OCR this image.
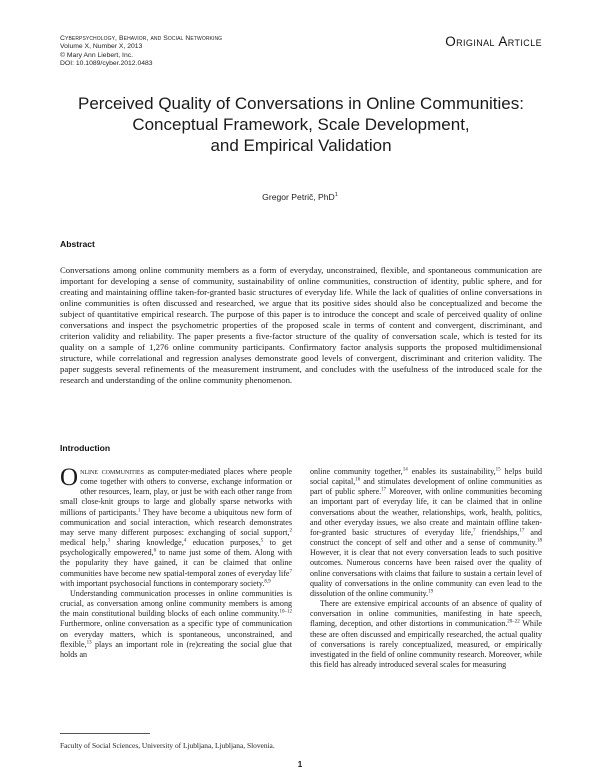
Cyberpsychology, Behavior, and Social Networking
Volume X, Number X, 2013
© Mary Ann Liebert, Inc.
DOI: 10.1089/cyber.2012.0483
Original Article
Perceived Quality of Conversations in Online Communities:
Conceptual Framework, Scale Development,
and Empirical Validation
Gregor Petrič, PhD$^1$
Abstract
Conversations among online community members as a form of everyday, unconstrained, flexible, and spontaneous communication are important for developing a sense of community, sustainability of online communities, construction of identity, public sphere, and for creating and maintaining offline taken-for-granted basic structures of everyday life. While the lack of qualities of online conversations in online communities is often discussed and researched, we argue that its positive sides should also be conceptualized and become the subject of quantitative empirical research. The purpose of this paper is to introduce the concept and scale of perceived quality of online conversations and inspect the psychometric properties of the proposed scale in terms of content and convergent, discriminant, and criterion validity and reliability. The paper presents a five-factor structure of the quality of conversation scale, which is tested for its quality on a sample of 1,276 online community participants. Confirmatory factor analysis supports the proposed multidimensional structure, while correlational and regression analyses demonstrate good levels of convergent, discriminant and criterion validity. The paper suggests several refinements of the measurement instrument, and concludes with the usefulness of the introduced scale for the research and understanding of the online community phenomenon.
Introduction

Online communities as computer-mediated places where people come together with others to converse, exchange information or other resources, learn, play, or just be with each other range from small close-knit groups to large and globally sparse networks with millions of participants.$^1$ They have become a ubiquitous new form of communication and social interaction, which research demonstrates may serve many different purposes: exchanging of social support,$^2$ medical help,$^3$ sharing knowledge,$^4$ education purposes,$^5$ to get psychologically empowered,$^6$ to name just some of them. Along with the popularity they have gained, it can be claimed that online communities have become new spatial-temporal zones of everyday life$^7$ with important psychosocial functions in contemporary society.$^{8,9}$

Understanding communication processes in online communities is crucial, as conversation among online community members is among the main constitutional building blocks of each online community.$^{10-12}$ Furthermore, online conversation as a specific type of communication on everyday matters, which is spontaneous, unconstrained, and flexible,$^{13}$ plays an important role in (re)creating the social glue that holds an

online community together,$^{14}$ enables its sustainability,$^{15}$ helps build social capital,$^{16}$ and stimulates development of online communities as part of public sphere.$^{17}$ Moreover, with online communities becoming an important part of everyday life, it can be claimed that in online conversations about the weather, relationships, work, health, politics, and other everyday issues, we also create and maintain offline taken-for-granted basic structures of everyday life,$^7$ friendships,$^{17}$ and construct the concept of self and other and a sense of community.$^{18}$ However, it is clear that not every conversation leads to such positive outcomes. Numerous concerns have been raised over the quality of online conversations with claims that failure to sustain a certain level of quality of conversations in the online community can even lead to the dissolution of the online community.$^{19}$

There are extensive empirical accounts of an absence of quality of conversation in online communities, manifesting in hate speech, flaming, deception, and other distortions in communication.$^{20-22}$ While these are often discussed and empirically researched, the actual quality of conversations is rarely conceptualized, measured, or empirically investigated in the field of online community research. Moreover, while this field has already introduced several scales for measuring

Faculty of Social Sciences, University of Ljubljana, Ljubljana, Slovenia.
1
